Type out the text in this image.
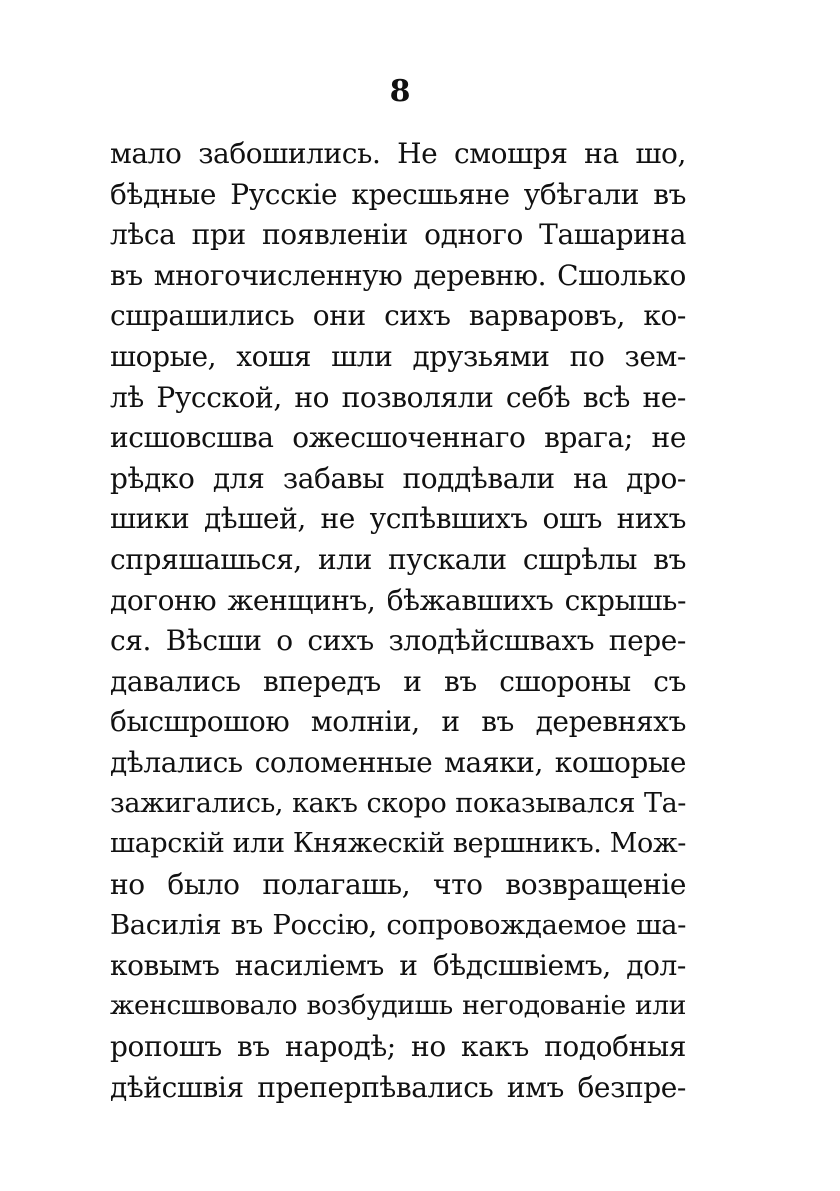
8
мало забошились. Не смошря на шо,
бѣдные Русскіе кресшьяне убѣгали въ
лѣса при появленіи одного Ташарина
въ многочисленную деревню. Сшолько
сшрашились они сихъ варваровъ, ко-
шорые, хошя шли друзьями по зем-
лѣ Русской, но позволяли себѣ всѣ не-
исшовсшва ожесшоченнаго врага; не
рѣдко для забавы поддѣвали на дро-
шики дѣшей, не успѣвшихъ ошъ нихъ
спряшашься, или пускали сшрѣлы въ
догоню женщинъ, бѣжавшихъ скрышь-
ся. Вѣсши о сихъ злодѣйсшвахъ пере-
давались впередъ и въ сшороны съ
бысшрошою молніи, и въ деревняхъ
дѣлались соломенные маяки, кошорые
зажигались, какъ скоро показывался Та-
шарскій или Княжескій вершникъ. Мож-
но было полагашь, что возвращеніе
Василія въ Россію, сопровождаемое ша-
ковымъ насиліемъ и бѣдсшвіемъ, дол-
женсшвовало возбудишь негодованіе или
ропошъ въ народѣ; но какъ подобныя
дѣйсшвія преперпѣвались имъ безпре-
